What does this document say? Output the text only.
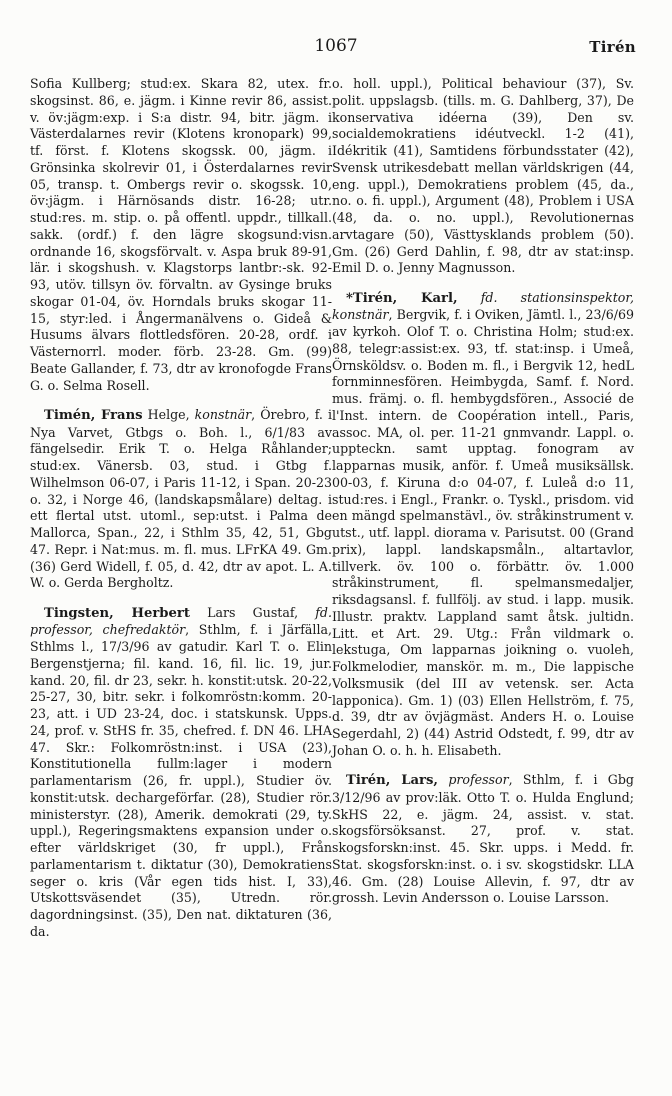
1067	Tirén

Sofia Kullberg; stud:ex. Skara 82, utex. fr. skogsinst. 86, e. jägm. i Kinne revir 86, assist. v. öv:jägm:exp. i S:a distr. 94, bitr. jägm. i Västerdalarnes revir (Klotens kronopark) 99, tf. först. f. Klotens skogssk. 00, jägm. i Grönsinka skolrevir 01, i Österdalarnes revir 05, transp. t. Ombergs revir o. skogssk. 10, öv:jägm. i Härnösands distr. 16-28; utr. stud:res. m. stip. o. på offentl. uppdr., tillkall. sakk. (ordf.) f. den lägre skogsund:visn. ordnande 16, skogsförvalt. v. Aspa bruk 89-91, lär. i skogshush. v. Klagstorps lantbr:-sk. 92-93, utöv. tillsyn öv. förvaltn. av Gysinge bruks skogar 01-04, öv. Horndals bruks skogar 11-15, styr:led. i Ångermanälvens o. Gideå & Husums älvars flottledsfören. 20-28, ordf. i Västernorrl. moder. förb. 23-28. Gm. (99) Beate Gallander, f. 73, dtr av kronofogde Frans G. o. Selma Rosell.

Timén, Frans Helge, konstnär, Örebro, f. i Nya Varvet, Gtbgs o. Boh. l., 6/1/83 av fängelsedir. Erik T. o. Helga Råhlander; stud:ex. Vänersb. 03, stud. i Gtbg f. Wilhelmson 06-07, i Paris 11-12, i Span. 20-23 o. 32, i Norge 46, (landskapsmålare) deltag. i ett flertal utst. utoml., sep:utst. i Palma de Mallorca, Span., 22, i Sthlm 35, 42, 51, Gbg 47. Repr. i Nat:mus. m. fl. mus. LFrKA 49. Gm. (36) Gerd Widell, f. 05, d. 42, dtr av apot. L. A. W. o. Gerda Bergholtz.

Tingsten, Herbert Lars Gustaf, fd. professor, chefredaktör, Sthlm, f. i Järfälla, Sthlms l., 17/3/96 av gatudir. Karl T. o. Elin Bergenstjerna; fil. kand. 16, fil. lic. 19, jur. kand. 20, fil. dr 23, sekr. h. konstit:utsk. 20-22, 25-27, 30, bitr. sekr. i folkomröstn:komm. 20-23, att. i UD 23-24, doc. i statskunsk. Upps. 24, prof. v. StHS fr. 35, chefred. f. DN 46. LHA 47. Skr.: Folkomröstn:inst. i USA (23), Konstitutionella fullm:lager i modern parlamentarism (26, fr. uppl.), Studier öv. konstit:utsk. dechargeförfar. (28), Studier rör. ministerstyr. (28), Amerik. demokrati (29, ty. uppl.), Regeringsmaktens expansion under o. efter världskriget (30, fr uppl.), Från parlamentarism t. diktatur (30), Demokratiens seger o. kris (Vår egen tids hist. I, 33), Utskottsväsendet (35), Utredn. rör. dagordningsinst. (35), Den nat. diktaturen (36, da.

o. holl. uppl.), Political behaviour (37), Sv. polit. uppslagsb. (tills. m. G. Dahlberg, 37), De konservativa idéerna (39), Den sv. socialdemokratiens idéutveckl. 1-2 (41), Idékritik (41), Samtidens förbundsstater (42), Svensk utrikesdebatt mellan världskrigen (44, eng. uppl.), Demokratiens problem (45, da., no. o. fi. uppl.), Argument (48), Problem i USA (48, da. o. no. uppl.), Revolutionernas arvtagare (50), Västtysklands problem (50). Gm. (26) Gerd Dahlin, f. 98, dtr av stat:insp. Emil D. o. Jenny Magnusson.

*Tirén, Karl, fd. stationsinspektor, konstnär, Bergvik, f. i Oviken, Jämtl. l., 23/6/69 av kyrkoh. Olof T. o. Christina Holm; stud:ex. 88, telegr:assist:ex. 93, tf. stat:insp. i Umeå, Örnsköldsv. o. Boden m. fl., i Bergvik 12, hedL fornminnesfören. Heimbygda, Samf. f. Nord. mus. främj. o. fl. hembygdsfören., Associé de l'Inst. intern. de Coopération intell., Paris, assoc. MA, ol. per. 11-21 gnmvandr. Lappl. o. uppteckn. samt upptag. fonogram av lapparnas musik, anför. f. Umeå musiksällsk. 00-03, f. Kiruna d:o 04-07, f. Luleå d:o 11, stud:res. i Engl., Frankr. o. Tyskl., prisdom. vid en mängd spelmanstävl., öv. stråkinstrument v. utst., utf. lappl. diorama v. Parisutst. 00 (Grand prix), lappl. landskapsmåln., altartavlor, tillverk. öv. 100 o. förbättr. öv. 1.000 stråkinstrument, fl. spelmansmedaljer, riksdagsansl. f. fullfölj. av stud. i lapp. musik. Illustr. praktv. Lappland samt åtsk. jultidn. Litt. et Art. 29. Utg.: Från vildmark o. lekstuga, Om lapparnas joikning o. vuoleh, Folkmelodier, manskör. m. m., Die lappische Volksmusik (del III av vetensk. ser. Acta lapponica). Gm. 1) (03) Ellen Hellström, f. 75, d. 39, dtr av övjägmäst. Anders H. o. Louise Segerdahl, 2) (44) Astrid Odstedt, f. 99, dtr av Johan O. o. h. h. Elisabeth.

Tirén, Lars, professor, Sthlm, f. i Gbg 3/12/96 av prov:läk. Otto T. o. Hulda Englund; SkHS 22, e. jägm. 24, assist. v. stat. skogsförsöksanst. 27, prof. v. stat. skogsforskn:inst. 45. Skr. upps. i Medd. fr. Stat. skogsforskn:inst. o. i sv. skogstidskr. LLA 46. Gm. (28) Louise Allevin, f. 97, dtr av grossh. Levin Andersson o. Louise Larsson.
